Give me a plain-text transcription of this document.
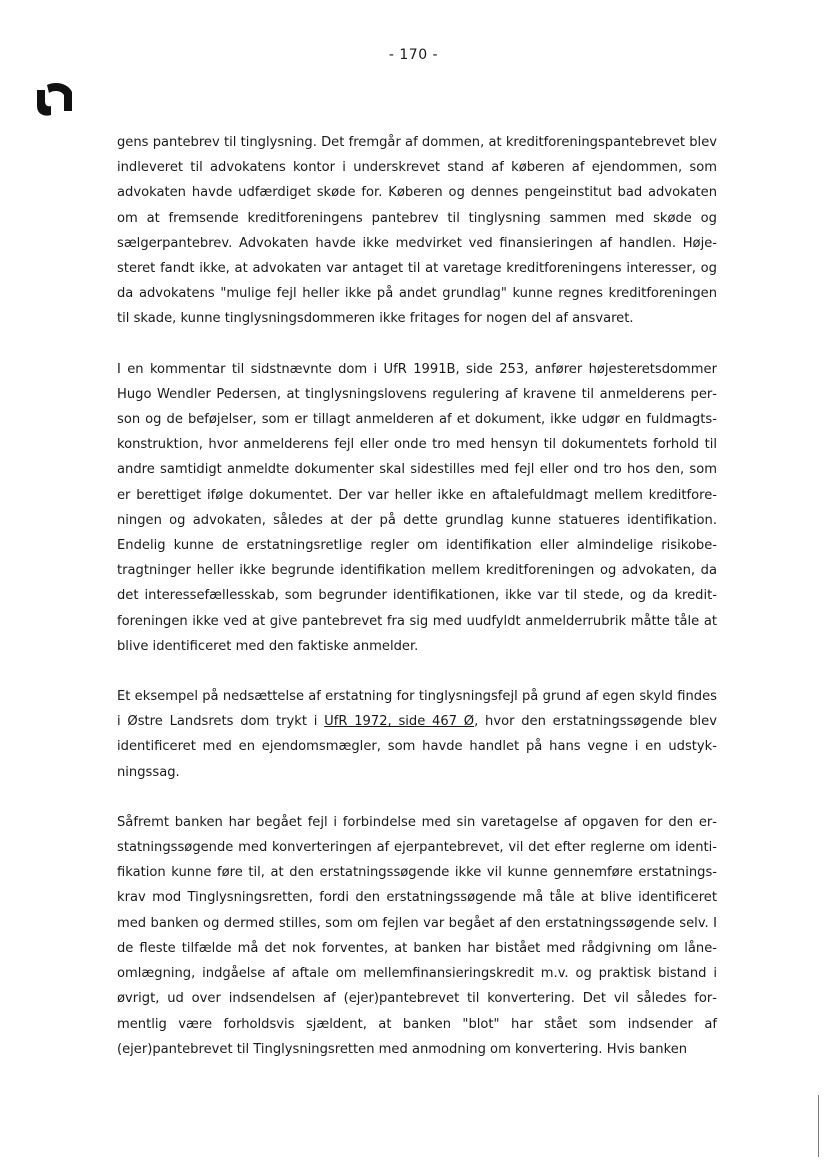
- 170 -

gens pantebrev til tinglysning. Det fremgår af dommen, at kreditforeningspantebrevet blev indleveret til advokatens kontor i underskrevet stand af køberen af ejendommen, som advokaten havde udfærdiget skøde for. Køberen og dennes pengeinstitut bad advokaten om at fremsende kreditforeningens pantebrev til tinglysning sammen med skøde og sælgerpantebrev. Advokaten havde ikke medvirket ved finansieringen af handlen. Højesteret fandt ikke, at advokaten var antaget til at varetage kreditforeningens interesser, og da advokatens "mulige fejl heller ikke på andet grundlag" kunne regnes kreditforeningen til skade, kunne tinglysningsdommeren ikke fritages for nogen del af ansvaret.

I en kommentar til sidstnævnte dom i UfR 1991B, side 253, anfører højesteretsdommer Hugo Wendler Pedersen, at tinglysningslovens regulering af kravene til anmelderens person og de beføjelser, som er tillagt anmelderen af et dokument, ikke udgør en fuldmagtskonstruktion, hvor anmelderens fejl eller onde tro med hensyn til dokumentets forhold til andre samtidigt anmeldte dokumenter skal sidestilles med fejl eller ond tro hos den, som er berettiget ifølge dokumentet. Der var heller ikke en aftalefuldmagt mellem kreditforeningen og advokaten, således at der på dette grundlag kunne statueres identifikation. Endelig kunne de erstatningsretlige regler om identifikation eller almindelige risikobetragtninger heller ikke begrunde identifikation mellem kreditforeningen og advokaten, da det interessefællesskab, som begrunder identifikationen, ikke var til stede, og da kreditforeningen ikke ved at give pantebrevet fra sig med uudfyldt anmelderrubrik måtte tåle at blive identificeret med den faktiske anmelder.

Et eksempel på nedsættelse af erstatning for tinglysningsfejl på grund af egen skyld findes i Østre Landsrets dom trykt i UfR 1972, side 467 Ø, hvor den erstatningssøgende blev identificeret med en ejendomsmægler, som havde handlet på hans vegne i en udstykningssag.

Såfremt banken har begået fejl i forbindelse med sin varetagelse af opgaven for den erstatningssøgende med konverteringen af ejerpantebrevet, vil det efter reglerne om identifikation kunne føre til, at den erstatningssøgende ikke vil kunne gennemføre erstatningskrav mod Tinglysningsretten, fordi den erstatningssøgende må tåle at blive identificeret med banken og dermed stilles, som om fejlen var begået af den erstatningssøgende selv. I de fleste tilfælde må det nok forventes, at banken har bistået med rådgivning om låneomlægning, indgåelse af aftale om mellemfinansieringskredit m.v. og praktisk bistand i øvrigt, ud over indsendelsen af (ejer)pantebrevet til konvertering. Det vil således formentlig være forholdsvis sjældent, at banken "blot" har stået som indsender af (ejer)pantebrevet til Tinglysningsretten med anmodning om konvertering. Hvis banken
